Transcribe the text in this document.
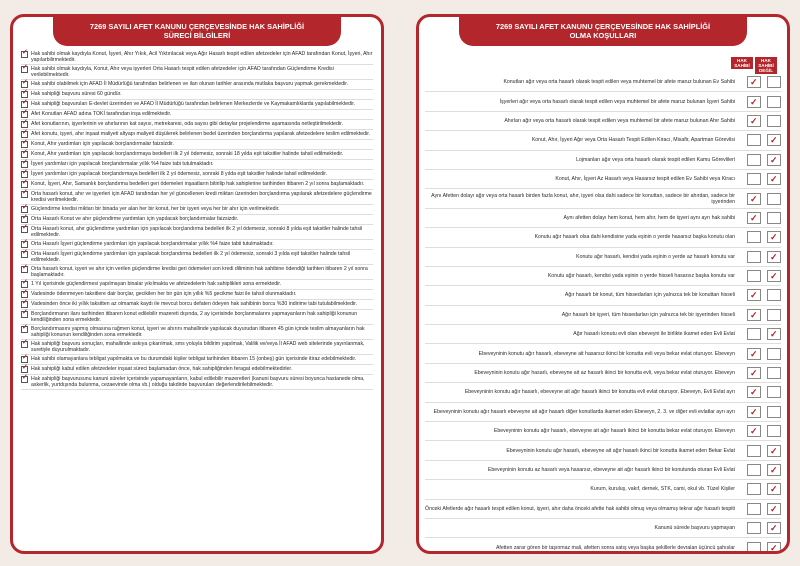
7269 SAYILI AFET KANUNU ÇERÇEVESİNDE HAK SAHİPLİĞİ SÜRECİ BİLGİLERİ
✓
Hak sahibi olmak kaydıyla Konut, İşyeri, Ahır Yıkık, Acil Yıktırılacak veya Ağır Hasarlı tespit edilen afetzedeler için AFAD tarafından Konut, İşyeri, Ahır yapılarbilirmektedir.
✓
Hak sahibi olmak kaydıyla, Konut, Ahır veya işyerleri Orta Hasarlı tespit edilen afetzedeler için AFAD tarafından Güçlendirme Kredisi verilebilmektedir.
✓
Hak sahibi olabilmek için AFAD İl Müdürlüğü tarafından belirlenen ve ilan olunan tarihler arasında mutlaka başvuru yapmak gerekmektedir.
✓
Hak sahipliği başvuru süresi 60 gündür.
✓
Hak sahipliği başvuruları E-devlet üzerinden ve AFAD İl Müdürlüğü tarafından belirlenen Merkezlerde ve Kaymakamlıklarda yapılabilmektedir.
✓
Afet Konutları AFAD adına TOKİ tarafından inşa edilmektedir.
✓
Afet konutlarının, işyerlerinin ve ahırlarının kat sayısı, metrekaresi, oda sayısı gibi detaylar projelendirme aşamasında netleştirilmektedir.
✓
Afet konutu, işyeri, ahır inşaat maliyeti altyapı maliyeti düşülerek belirlenen bedel üzerinden borçlandırma yapılarak afetzedelere teslim edilmektedir.
✓
Konut, Ahır yardımları için yapılacak borçlandırmalar faizsizdir.
✓
Konut, Ahır yardımları için yapılacak borçlandırmaya bedelleri ilk 2 yıl ödemesiz, sonraki 18 yılda eşit taksitler halinde tahsil edilmektedir.
✓
İşyeri yardımları için yapılacak borçlandırmalar yıllık %4 faize tabi tutulmaktadır.
✓
İşyeri yardımları için yapılacak borçlandırmaya bedelleri ilk 2 yıl ödemesiz, sonraki 8 yılda eşit taksitler halinde tahsil edilmektedir.
✓
Konut, İşyeri, Ahır, Samanlık borçlandırma bedelleri geri ödemeleri inşaatların bitirilip hak sahiplerine tarihinden itibaren 2 yıl sonra başlamaktadır.
✓
Orta hasarlı konut, ahır ve işyerleri için AFAD tarafından her yıl güncellenen kredi miktarı üzerinden borçlandırma yapılarak afetzedelere güçlendirme kredisi verilmektedir.
✓
Güçlendirme kredisi miktarı bir binada yer alan her bir konut, her bir işyeri veya her bir ahır için verilmektedir.
✓
Orta Hasarlı Konut ve ahır güçlendirme yardımları için yapılacak borçlandırmalar faizsizdir.
✓
Orta Hasarlı konut, ahır güçlendirme yardımları için yapılacak borçlandırma bedelleri ilk 2 yıl ödemesiz, sonraki 8 yılda eşit taksitler halinde tahsil edilmektedir.
✓
Orta Hasarlı İşyeri güçlendirme yardımları için yapılacak borçlandırmalar yıllık %4 faize tabii tutulmaktadır.
✓
Orta Hasarlı İşyeri güçlendirme yardımları için yapılacak borçlandırma bedelleri ilk 2 yıl ödemesiz, sonraki 3 yılda eşit taksitler halinde tahsil edilmektedir.
✓
Orta hasarlı konut, işyeri ve ahır için verilen güçlendirme kredisi geri ödemeleri son kredi diliminin hak sahibine ödendiği tarihten itibaren 2 yıl sonra başlamaktadır.
✓
1 Yıl içerisinde güçlendirmesi yapılmayan binalar yıkılmakta ve afetzedelerin hak sahiplikleri sona ermektedir.
✓
Vadesinde ödenmeyen taksitlere dair borçlar, gecikilen her bir gün için yıllık %5 gecikme faizi ile tahsil olunmaktadır.
✓
Vadesinden önce iki yıllık taksitten az olmamak kaydı ile mevcut borcu defaten ödeyen hak sahibinin borcu %30 indirime tabi tutulabilmektedir.
✓
Borçlandırmanın ilanı tarihinden itibaren konut edilebilir mazereti dışında, 2 ay içerisinde borçlanmalarını yapmayanların hak sahipliği konunun kendiliğinden sona ermektedir.
✓
Borçlandırmasını yapmış olmasına rağmen konut, işyeri ve ahırını mahallinde yapılacak duyurudan itibaren 45 gün içinde teslim almayanların hak sahipliği konunun kendiliğinden sona ermektedir.
✓
Hak sahipliği başvuru sonuçları, mahallinde askıya çıkarılmak, sms yoluyla bildirim yapılmak, Valilik ve/veya İl AFAD web sitelerinde yayınlanmak, suretiyle duyurulmaktadır.
✓
Hak sahibi olamayanlara tebligat yapılmakta ve bu durumdaki kişiler tebligat tarihinden itibaren 15 (onbeş) gün içerisinde itiraz edebilmektedir.
✓
Hak sahipliği kabul edilen afetzedeler inşaat süreci başlamadan önce, hak sahipliğinden feragat edebilmektedirler.
✓
Hak sahipliği başvurusunu kanuni süreler içerisinde yapamayanların, kabul edilebilir mazeretleri (kanuni başvuru süresi boyunca hastanede olma, askerlik, yurtdışında bulunma, cezaevinde olma vb.) olduğu takdirde başvuruları değerlendirilebilmektedir.
7269 SAYILI AFET KANUNU ÇERÇEVESİNDE HAK SAHİPLİĞİ OLMA KOŞULLARI
HAK SAHİBİ
HAK SAHİBİ DEĞİL
Konutları ağır veya orta hasarlı olarak tespit edilen veya muhtemel bir afete maruz bulunan Ev Sahibi
✓
İşyerleri ağır veya orta hasarlı olarak tespit edilen veya muhtemel bir afete maruz bulunan İşyeri Sahibi
✓
Ahırları ağır veya orta hasarlı olarak tespit edilen veya muhtemel bir afete maruz bulunan Ahır Sahibi
✓
Konut, Ahır, İşyeri Ağır veya Orta Hasarlı Tespit Edilen Kiracı, Misafir, Apartman Görevlisi
✓
Lojmanları ağır veya orta hasarlı olarak tespit edilen Kamu Görevlileri
✓
Konut, Ahır, İşyeri Az Hasarlı veya Hasarsız tespit edilen Ev Sahibi veya Kiracı
✓
Aynı Afetten dolayı ağır veya orta hasarlı birden fazla konut, ahır, işyeri olsa dahi sadece bir konuttan, sadece bir ahırdan, sadece bir işyerinden
✓
Aynı afetten dolayı hem konut, hem ahır, hem de işyeri aynı ayrı hak sahibi
✓
Konutu ağır hasarlı olsa dahi kendisine yada eşinin o yerde hasarsız başka konutu olan
✓
Konutu ağır hasarlı, kendisi yada eşinin o yerde az hasarlı konutu var
✓
Konutu ağır hasarlı, kendisi yada eşinin o yerde hisseli hasarsız başka konutu var
✓
Ağır hasarlı bir konut, tüm hissedarları için yalnızca tek bir konuttan hisseli
✓
Ağır hasarlı bir işyeri, tüm hissedarları için yalnızca tek bir işyerinden hisseli
✓
Ağır hasarlı konutu evli olan ebeveyni ile birlikte ikamet eden Evli Evlat
✓
Ebeveyninin konutu ağır hasarlı, ebeveyne ait hasarsız ikinci bir konutta evli veya bekar evlat oturuyor. Ebeveyn
✓
Ebeveyninin konutu ağır hasarlı, ebeveyne ait az hasarlı ikinci bir konutta evli, veya bekar evlat oturuyor. Ebeveyn
✓
Ebeveyninin konutu ağır hasarlı, ebeveyne ait ağır hasarlı ikinci bir konutta evli evlat oturuyor. Ebeveyn, Evli Evlat ayrı
✓
Ebeveyninin konutu ağır hasarlı ebeveyne ait ağır hasarlı diğer konutlarda ikamet eden Ebeveyn, 2. 3. ve diğer evli evlatlar ayrı ayrı
✓
Ebeveyninin konutu ağır hasarlı, ebeveyne ait ağır hasarlı ikinci bir konutta bekar evlat oturuyor. Ebeveyn
✓
Ebeveyninin konutu ağır hasarlı, ebeveyne ait ağır hasarlı ikinci bir konutta ikamet eden Bekar Evlat
✓
Ebeveyninin konutu az hasarlı veya hasarsız, ebeveyne ait ağır hasarlı ikinci bir konutunda oturan Evli Evlat
✓
Kurum, kuruluş, vakıf, dernek, STK, cami, okul vb. Tüzel Kişiler
✓
Önceki Afetlerde ağır hasarlı tespit edilen konut, işyeri, ahır daha önceki afette hak sahibi olmuş veya olmamış tekrar ağır hasarlı tespiti
✓
Kanunü sürede başvuru yapmayan
✓
Afetten zarar gören bir taşınmaz mali, afetten sonra satış veya başka şekillerle devralan üçüncü şahıslar
✓
